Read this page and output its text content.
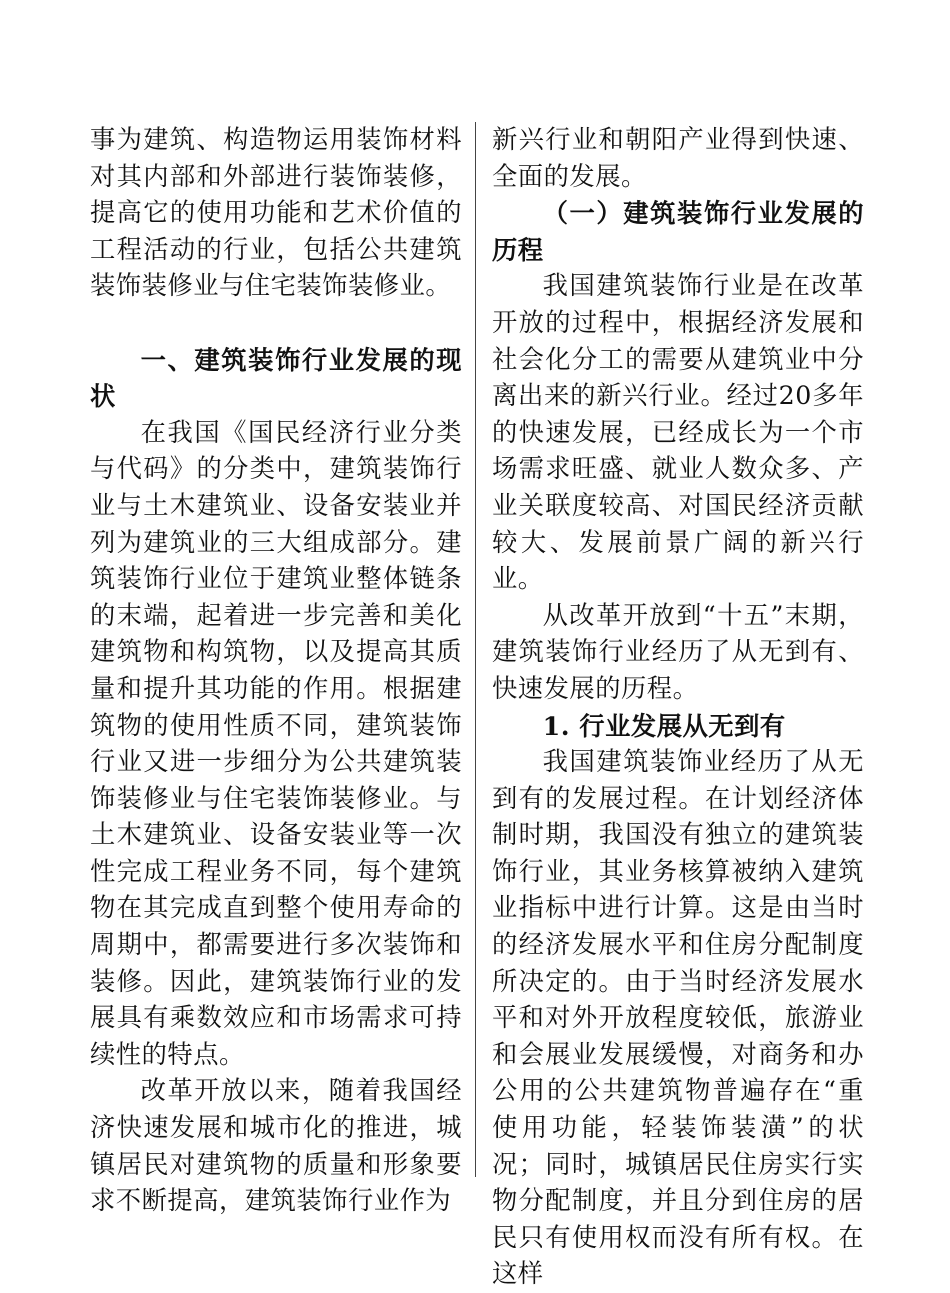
事为建筑、构造物运用装饰材料对其内部和外部进行装饰装修，提高它的使用功能和艺术价值的工程活动的行业，包括公共建筑装饰装修业与住宅装饰装修业。

一、建筑装饰行业发展的现状

在我国《国民经济行业分类与代码》的分类中，建筑装饰行业与土木建筑业、设备安装业并列为建筑业的三大组成部分。建筑装饰行业位于建筑业整体链条的末端，起着进一步完善和美化建筑物和构筑物，以及提高其质量和提升其功能的作用。根据建筑物的使用性质不同，建筑装饰行业又进一步细分为公共建筑装饰装修业与住宅装饰装修业。与土木建筑业、设备安装业等一次性完成工程业务不同，每个建筑物在其完成直到整个使用寿命的周期中，都需要进行多次装饰和装修。因此，建筑装饰行业的发展具有乘数效应和市场需求可持续性的特点。

改革开放以来，随着我国经济快速发展和城市化的推进，城镇居民对建筑物的质量和形象要求不断提高，建筑装饰行业作为

新兴行业和朝阳产业得到快速、全面的发展。

（一）建筑装饰行业发展的历程

我国建筑装饰行业是在改革开放的过程中，根据经济发展和社会化分工的需要从建筑业中分离出来的新兴行业。经过20多年的快速发展，已经成长为一个市场需求旺盛、就业人数众多、产业关联度较高、对国民经济贡献较大、发展前景广阔的新兴行业。

从改革开放到“十五”末期，建筑装饰行业经历了从无到有、快速发展的历程。

1. 行业发展从无到有

我国建筑装饰业经历了从无到有的发展过程。在计划经济体制时期，我国没有独立的建筑装饰行业，其业务核算被纳入建筑业指标中进行计算。这是由当时的经济发展水平和住房分配制度所决定的。由于当时经济发展水平和对外开放程度较低，旅游业和会展业发展缓慢，对商务和办公用的公共建筑物普遍存在“重使用功能，轻装饰装潢”的状况；同时，城镇居民住房实行实物分配制度，并且分到住房的居民只有使用权而没有所有权。在这样
